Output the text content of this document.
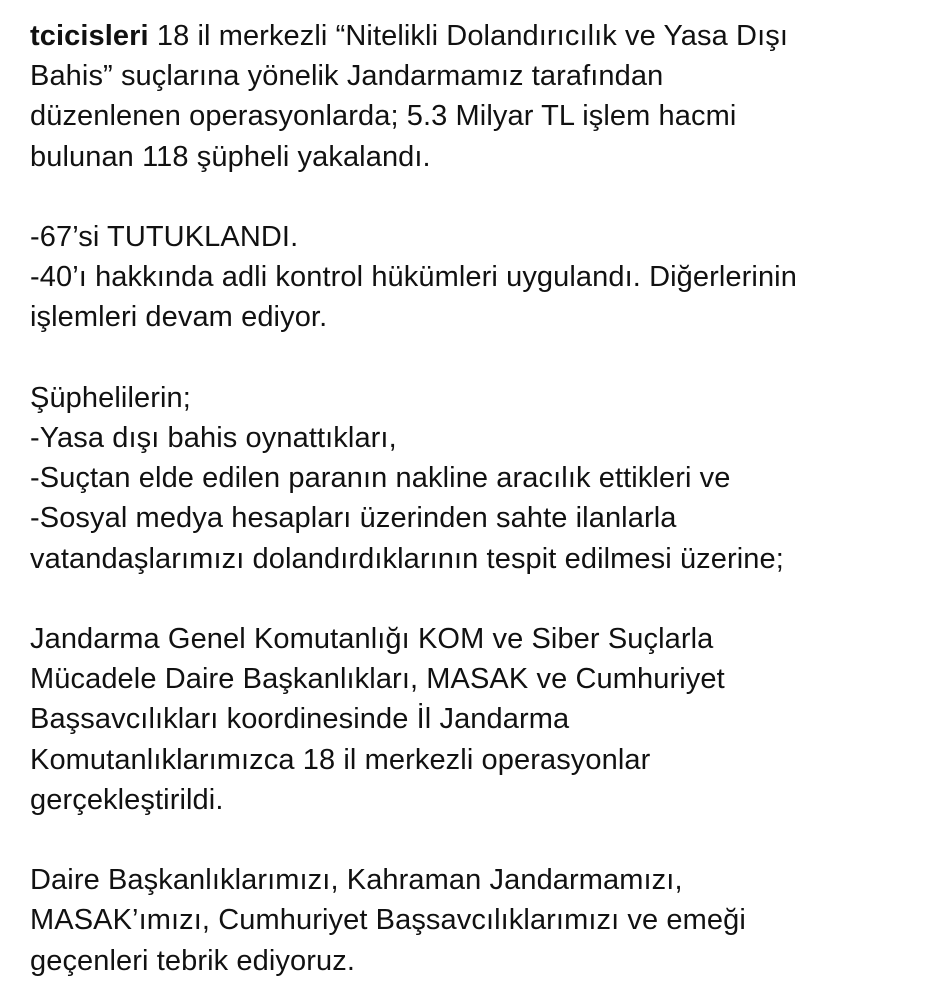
tcicisleri 18 il merkezli “Nitelikli Dolandırıcılık ve Yasa Dışı
Bahis” suçlarına yönelik Jandarmamız tarafından
düzenlenen operasyonlarda; 5.3 Milyar TL işlem hacmi
bulunan 118 şüpheli yakalandı.

-67’si TUTUKLANDI.
-40’ı hakkında adli kontrol hükümleri uygulandı. Diğerlerinin
işlemleri devam ediyor.

Şüphelilerin;
-Yasa dışı bahis oynattıkları,
-Suçtan elde edilen paranın nakline aracılık ettikleri ve
-Sosyal medya hesapları üzerinden sahte ilanlarla
vatandaşlarımızı dolandırdıklarının tespit edilmesi üzerine;

Jandarma Genel Komutanlığı KOM ve Siber Suçlarla
Mücadele Daire Başkanlıkları, MASAK ve Cumhuriyet
Başsavcılıkları koordinesinde İl Jandarma
Komutanlıklarımızca 18 il merkezli operasyonlar
gerçekleştirildi.

Daire Başkanlıklarımızı, Kahraman Jandarmamızı,
MASAK’ımızı, Cumhuriyet Başsavcılıklarımızı ve emeği
geçenleri tebrik ediyoruz.
